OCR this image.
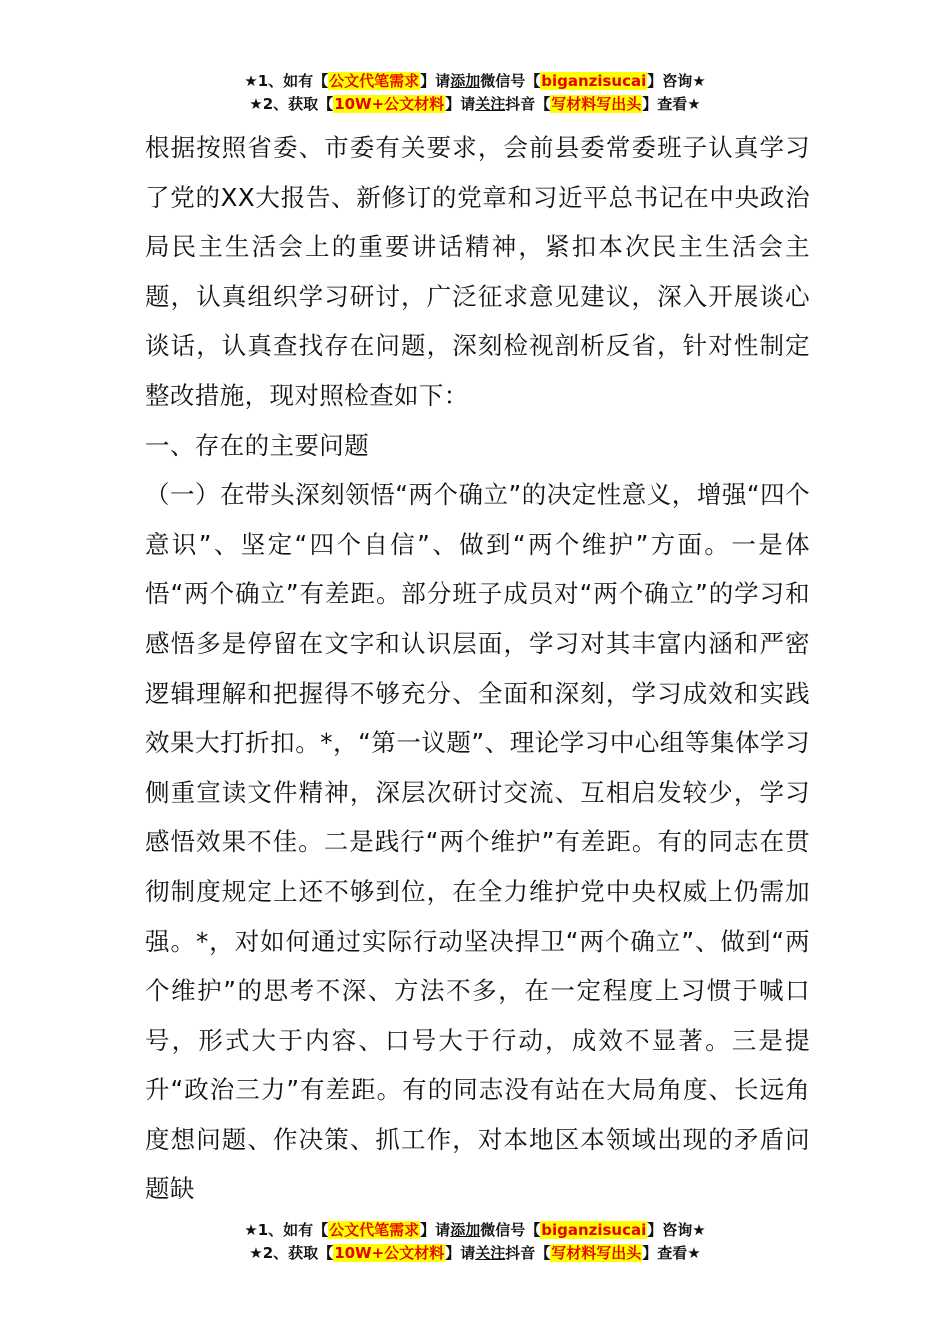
★1、如有【公文代笔需求】请添加微信号【biganzisucai】咨询★
★2、获取【10W+公文材料】请关注抖音【写材料写出头】查看★

根据按照省委、市委有关要求，会前县委常委班子认真学习了党的XX大报告、新修订的党章和习近平总书记在中央政治局民主生活会上的重要讲话精神，紧扣本次民主生活会主题，认真组织学习研讨，广泛征求意见建议，深入开展谈心谈话，认真查找存在问题，深刻检视剖析反省，针对性制定整改措施，现对照检查如下：

一、存在的主要问题

（一）在带头深刻领悟“两个确立”的决定性意义，增强“四个意识”、坚定“四个自信”、做到“两个维护”方面。一是体悟“两个确立”有差距。部分班子成员对“两个确立”的学习和感悟多是停留在文字和认识层面，学习对其丰富内涵和严密逻辑理解和把握得不够充分、全面和深刻，学习成效和实践效果大打折扣。*，“第一议题”、理论学习中心组等集体学习侧重宣读文件精神，深层次研讨交流、互相启发较少，学习感悟效果不佳。二是践行“两个维护”有差距。有的同志在贯彻制度规定上还不够到位，在全力维护党中央权威上仍需加强。*，对如何通过实际行动坚决捍卫“两个确立”、做到“两个维护”的思考不深、方法不多，在一定程度上习惯于喊口号，形式大于内容、口号大于行动，成效不显著。三是提升“政治三力”有差距。有的同志没有站在大局角度、长远角度想问题、作决策、抓工作，对本地区本领域出现的矛盾问题缺

★1、如有【公文代笔需求】请添加微信号【biganzisucai】咨询★
★2、获取【10W+公文材料】请关注抖音【写材料写出头】查看★
